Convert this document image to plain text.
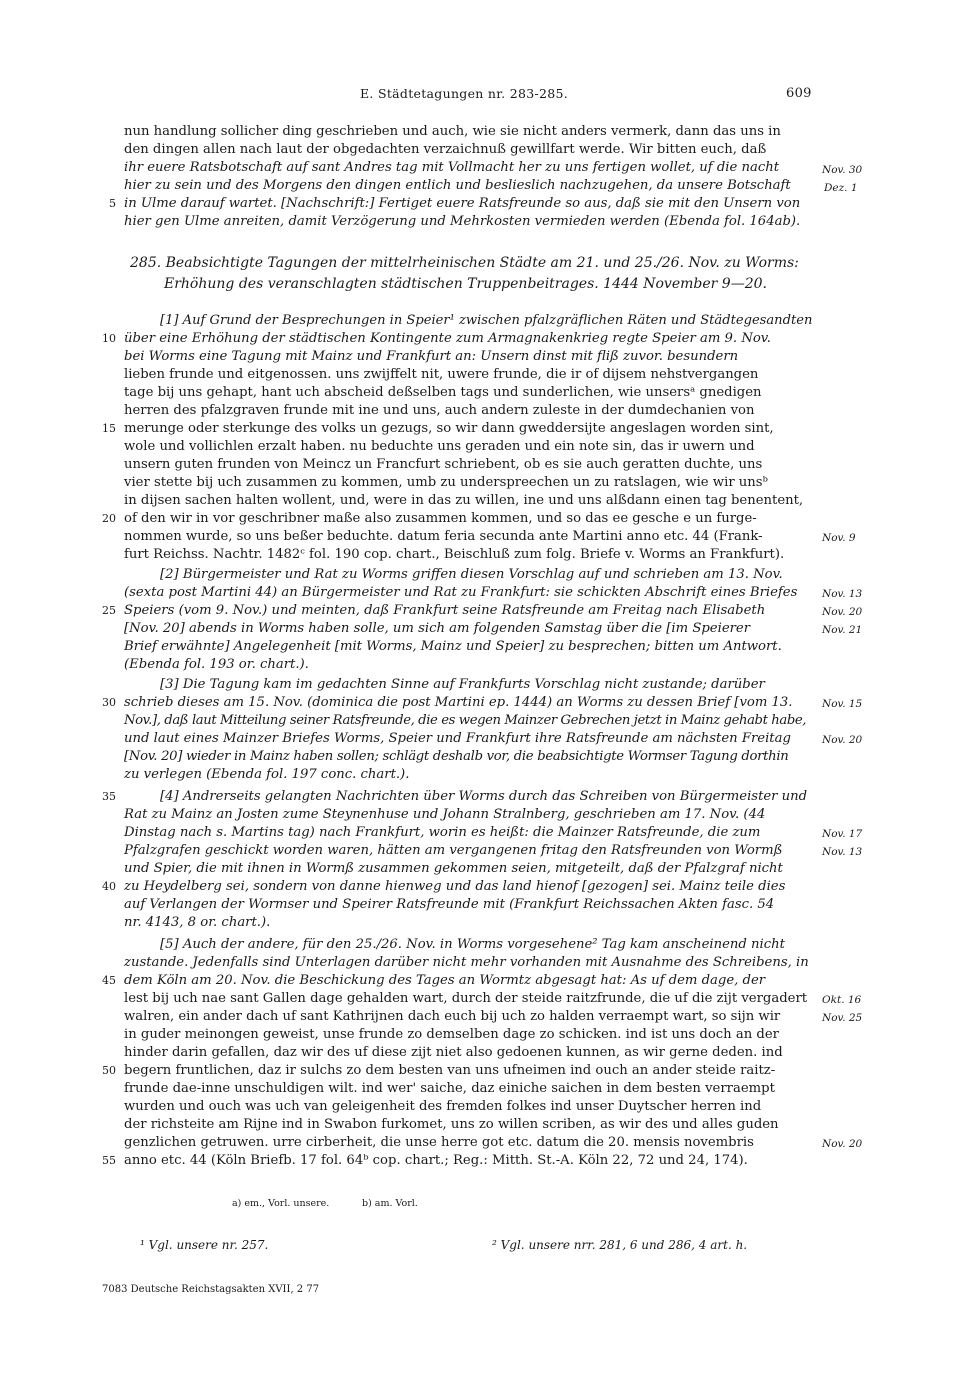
E. Städtetagungen nr. 283-285.	609
nun handlung sollicher ding geschrieben und auch, wie sie nicht anders vermerk, dann das uns in
den dingen allen nach laut der obgedachten verzaichnuß gewillfart werde. Wir bitten euch, daß
ihr euere Ratsbotschaft auf sant Andres tag mit Vollmacht her zu uns fertigen wollet, uf die nacht
hier zu sein und des Morgens den dingen entlich und beslieslich nachzugehen, da unsere Botschaft
in Ulme darauf wartet. [Nachschrift:] Fertiget euere Ratsfreunde so aus, daß sie mit den Unsern von
hier gen Ulme anreiten, damit Verzögerung und Mehrkosten vermieden werden (Ebenda fol. 164ab).
285. Beabsichtigte Tagungen der mittelrheinischen Städte am 21. und 25./26. Nov. zu Worms:
Erhöhung des veranschlagten städtischen Truppenbeitrages. 1444 November 9—20.
[1] Auf Grund der Besprechungen in Speier¹ zwischen pfalzgräflichen Räten und Städtegesandten
über eine Erhöhung der städtischen Kontingente zum Armagnakenkrieg regte Speier am 9. Nov.
bei Worms eine Tagung mit Mainz und Frankfurt an: Unsern dinst mit fliß zuvor. besundern
lieben frunde und eitgenossen. uns zwijffelt nit, uwere frunde, die ir of dijsem nehstvergangen
tage bij uns gehapt, hant uch abscheid deßselben tags und sunderlichen, wie unsersᵃ gnedigen
herren des pfalzgraven frunde mit ine und uns, auch andern zuleste in der dumdechanien von
merunge oder sterkunge des volks un gezugs, so wir dann gweddersijte angeslagen worden sint,
wole und vollichlen erzalt haben. nu beduchte uns geraden und ein note sin, das ir uwern und
unsern guten frunden von Meincz un Francfurt schriebent, ob es sie auch geratten duchte, uns
vier stette bij uch zusammen zu kommen, umb zu underspreechen un zu ratslagen, wie wir unsᵇ
in dijsen sachen halten wollent, und, were in das zu willen, ine und uns alßdann einen tag benentent,
of den wir in vor geschribner maße also zusammen kommen, und so das ee gesche e un furge-
nommen wurde, so uns beßer beduchte. datum feria secunda ante Martini anno etc. 44 (Frank-
furt Reichss. Nachtr. 1482ᶜ fol. 190 cop. chart., Beischluß zum folg. Briefe v. Worms an Frankfurt).
[2] Bürgermeister und Rat zu Worms griffen diesen Vorschlag auf und schrieben am 13. Nov.
(sexta post Martini 44) an Bürgermeister und Rat zu Frankfurt: sie schickten Abschrift eines Briefes
Speiers (vom 9. Nov.) und meinten, daß Frankfurt seine Ratsfreunde am Freitag nach Elisabeth
[Nov. 20] abends in Worms haben solle, um sich am folgenden Samstag über die [im Speierer
Brief erwähnte] Angelegenheit [mit Worms, Mainz und Speier] zu besprechen; bitten um Antwort.
(Ebenda fol. 193 or. chart.).
[3] Die Tagung kam im gedachten Sinne auf Frankfurts Vorschlag nicht zustande; darüber
schrieb dieses am 15. Nov. (dominica die post Martini ep. 1444) an Worms zu dessen Brief [vom 13.
Nov.], daß laut Mitteilung seiner Ratsfreunde, die es wegen Mainzer Gebrechen jetzt in Mainz gehabt habe,
und laut eines Mainzer Briefes Worms, Speier und Frankfurt ihre Ratsfreunde am nächsten Freitag
[Nov. 20] wieder in Mainz haben sollen; schlägt deshalb vor, die beabsichtigte Wormser Tagung dorthin
zu verlegen (Ebenda fol. 197 conc. chart.).
[4] Andrerseits gelangten Nachrichten über Worms durch das Schreiben von Bürgermeister und
Rat zu Mainz an Josten zume Steynenhuse und Johann Stralnberg, geschrieben am 17. Nov. (44
Dinstag nach s. Martins tag) nach Frankfurt, worin es heißt: die Mainzer Ratsfreunde, die zum
Pfalzgrafen geschickt worden waren, hätten am vergangenen fritag den Ratsfreunden von Wormß
und Spier, die mit ihnen in Wormß zusammen gekommen seien, mitgeteilt, daß der Pfalzgraf nicht
zu Heydelberg sei, sondern von danne hienweg und das land hienof [gezogen] sei. Mainz teile dies
auf Verlangen der Wormser und Speirer Ratsfreunde mit (Frankfurt Reichssachen Akten fasc. 54
nr. 4143, 8 or. chart.).
[5] Auch der andere, für den 25./26. Nov. in Worms vorgesehene² Tag kam anscheinend nicht
zustande. Jedenfalls sind Unterlagen darüber nicht mehr vorhanden mit Ausnahme des Schreibens, in
dem Köln am 20. Nov. die Beschickung des Tages an Wormtz abgesagt hat: As uf dem dage, der
lest bij uch nae sant Gallen dage gehalden wart, durch der steide raitzfrunde, die uf die zijt vergadert
walren, ein ander dach uf sant Kathrijnen dach euch bij uch zo halden verraempt wart, so sijn wir
in guder meinongen geweist, unse frunde zo demselben dage zo schicken. ind ist uns doch an der
hinder darin gefallen, daz wir des uf diese zijt niet also gedoenen kunnen, as wir gerne deden. ind
begern fruntlichen, daz ir sulchs zo dem besten van uns ufneimen ind ouch an ander steide raitz-
frunde dae-inne unschuldigen wilt. ind wer' saiche, daz einiche saichen in dem besten verraempt
wurden und ouch was uch van geleigenheit des fremden folkes ind unser Duytscher herren ind
der richsteite am Rijne ind in Swabon furkomet, uns zo willen scriben, as wir des und alles guden
genzlichen getruwen. urre cirberheit, die unse herre got etc. datum die 20. mensis novembris
anno etc. 44 (Köln Briefb. 17 fol. 64ᵇ cop. chart.; Reg.: Mitth. St.-A. Köln 22, 72 und 24, 174).
5
10
15
20
25
30
35
40
45
50
55
Nov. 30
Dez. 1
Nov. 9
Nov. 13
Nov. 20
Nov. 21
Nov. 15
Nov. 20
Nov. 17
Nov. 13
Okt. 16
Nov. 25
Nov. 20
a) em., Vorl. unsere.	b) am. Vorl.
¹ Vgl. unsere nr. 257.	² Vgl. unsere nrr. 281, 6 und 286, 4 art. h.
7083 Deutsche Reichstagsakten XVII, 2 77
